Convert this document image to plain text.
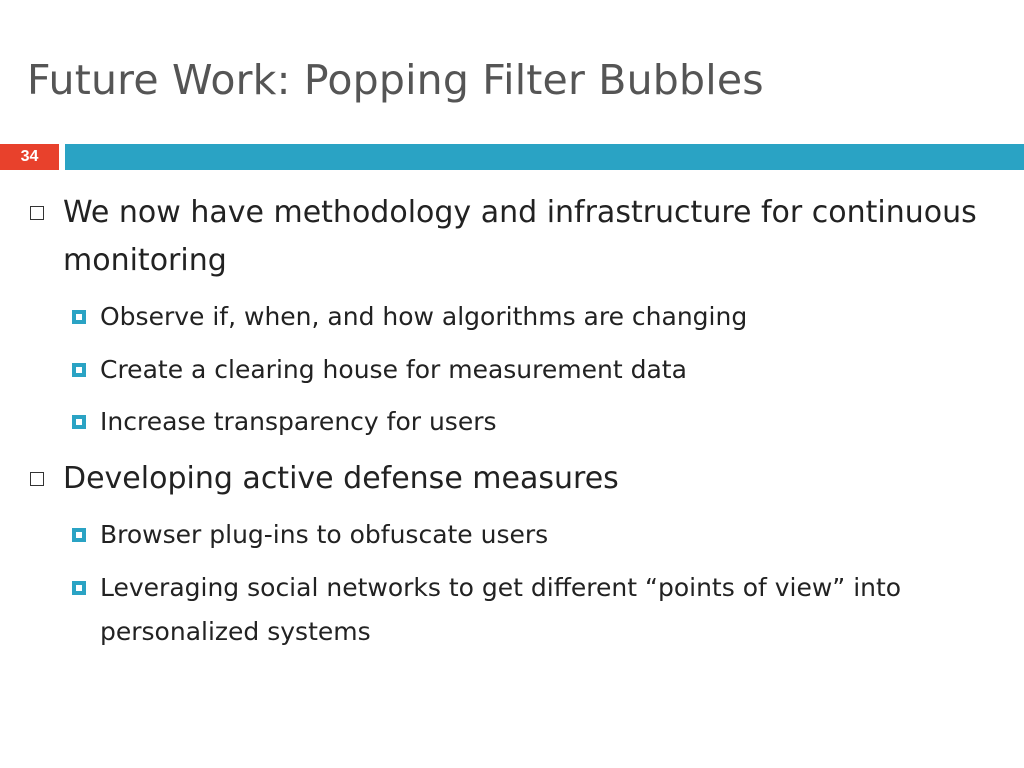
Future Work: Popping Filter Bubbles
34
We now have methodology and infrastructure for continuous monitoring
Observe if, when, and how algorithms are changing
Create a clearing house for measurement data
Increase transparency for users
Developing active defense measures
Browser plug-ins to obfuscate users
Leveraging social networks to get different “points of view” into personalized systems
